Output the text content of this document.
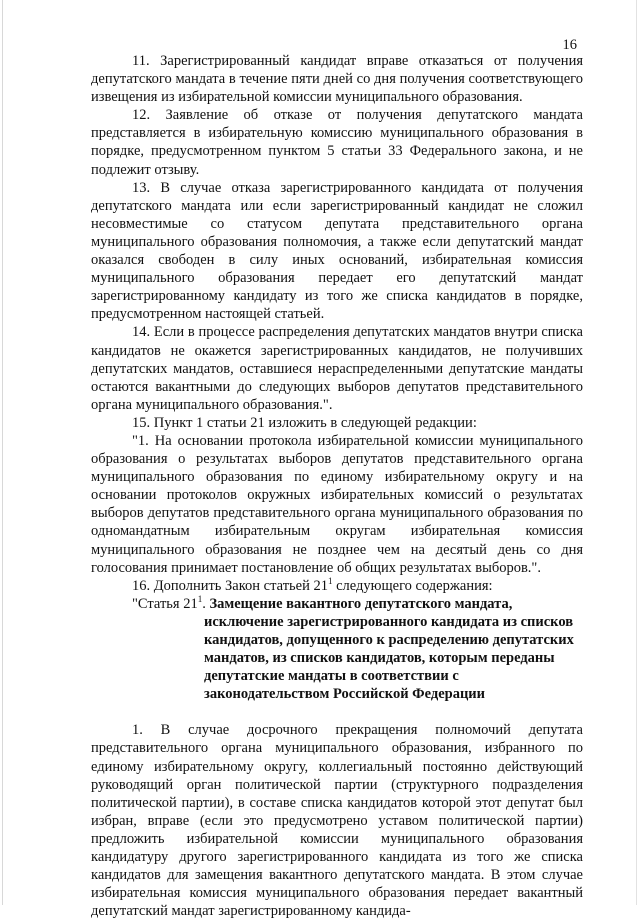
16

11. Зарегистрированный кандидат вправе отказаться от получения депутатского мандата в течение пяти дней со дня получения соответствующего извещения из избирательной комиссии муниципального образования.

12. Заявление об отказе от получения депутатского мандата представляется в избирательную комиссию муниципального образования в порядке, предусмотренном пунктом 5 статьи 33 Федерального закона, и не подлежит отзыву.

13. В случае отказа зарегистрированного кандидата от получения депутатского мандата или если зарегистрированный кандидат не сложил несовместимые со статусом депутата представительного органа муниципального образования полномочия, а также если депутатский мандат оказался свободен в силу иных оснований, избирательная комиссия муниципального образования передает его депутатский мандат зарегистрированному кандидату из того же списка кандидатов в порядке, предусмотренном настоящей статьей.

14. Если в процессе распределения депутатских мандатов внутри списка кандидатов не окажется зарегистрированных кандидатов, не получивших депутатских мандатов, оставшиеся нераспределенными депутатские мандаты остаются вакантными до следующих выборов депутатов представительного органа муниципального образования.".

15. Пункт 1 статьи 21 изложить в следующей редакции:

"1. На основании протокола избирательной комиссии муниципального образования о результатах выборов депутатов представительного органа муниципального образования по единому избирательному округу и на основании протоколов окружных избирательных комиссий о результатах выборов депутатов представительного органа муниципального образования по одномандатным избирательным округам избирательная комиссия муниципального образования не позднее чем на десятый день со дня голосования принимает постановление об общих результатах выборов.".

16. Дополнить Закон статьей $21^1$ следующего содержания:

"Статья $21^1$. Замещение вакантного депутатского мандата,
исключение зарегистрированного кандидата из списков кандидатов, допущенного к распределению депутатских мандатов, из списков кандидатов, которым переданы депутатские мандаты в соответствии с законодательством Российской Федерации

1. В случае досрочного прекращения полномочий депутата представительного органа муниципального образования, избранного по единому избирательному округу, коллегиальный постоянно действующий руководящий орган политической партии (структурного подразделения политической партии), в составе списка кандидатов которой этот депутат был избран, вправе (если это предусмотрено уставом политической партии) предложить избирательной комиссии муниципального образования кандидатуру другого зарегистрированного кандидата из того же списка кандидатов для замещения вакантного депутатского мандата. В этом случае избирательная комиссия муниципального образования передает вакантный депутатский мандат зарегистрированному кандида-
